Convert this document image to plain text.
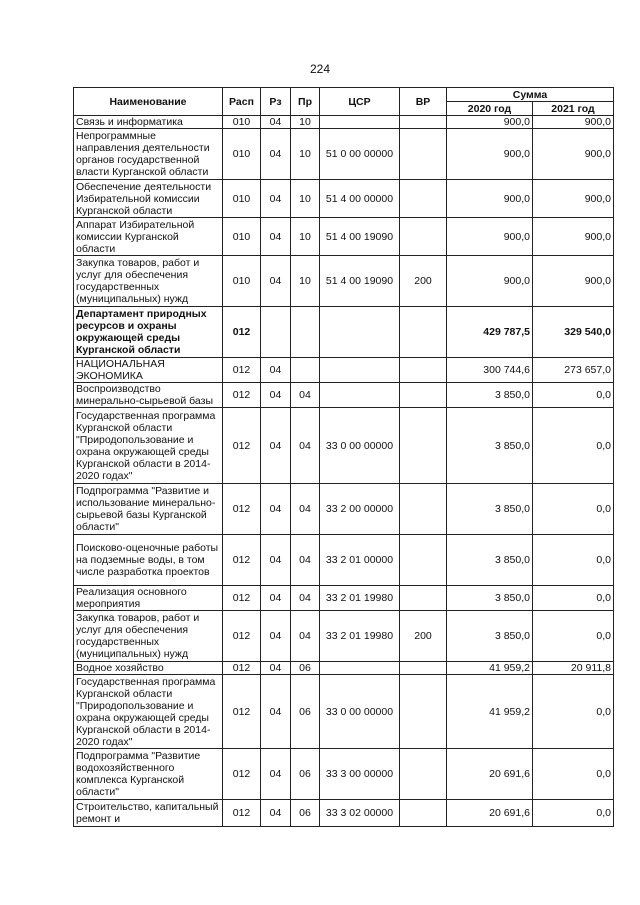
224
Наименование	Расп	Рз	Пр	ЦСР	ВР	Сумма	
						2020 год	2021 год
Связь и информатика	010	04	10			900,0	900,0
Непрограммные направления деятельности органов государственной власти Курганской области	010	04	10	51 0 00 00000		900,0	900,0
Обеспечение деятельности Избирательной комиссии Курганской области	010	04	10	51 4 00 00000		900,0	900,0
Аппарат Избирательной комиссии Курганской области	010	04	10	51 4 00 19090		900,0	900,0
Закупка товаров, работ и услуг для обеспечения государственных (муниципальных) нужд	010	04	10	51 4 00 19090	200	900,0	900,0
Департамент природных ресурсов и охраны окружающей среды Курганской области	012					429 787,5	329 540,0
НАЦИОНАЛЬНАЯ ЭКОНОМИКА	012	04				300 744,6	273 657,0
Воспроизводство минерально-сырьевой базы	012	04	04			3 850,0	0,0
Государственная программа Курганской области "Природопользование и охрана окружающей среды Курганской области в 2014-2020 годах"	012	04	04	33 0 00 00000		3 850,0	0,0
Подпрограмма "Развитие и использование минерально-сырьевой базы Курганской области"	012	04	04	33 2 00 00000		3 850,0	0,0
Поисково-оценочные работы на подземные воды, в том числе разработка проектов	012	04	04	33 2 01 00000		3 850,0	0,0
Реализация основного мероприятия	012	04	04	33 2 01 19980		3 850,0	0,0
Закупка товаров, работ и услуг для обеспечения государственных (муниципальных) нужд	012	04	04	33 2 01 19980	200	3 850,0	0,0
Водное хозяйство	012	04	06			41 959,2	20 911,8
Государственная программа Курганской области "Природопользование и охрана окружающей среды Курганской области в 2014-2020 годах"	012	04	06	33 0 00 00000		41 959,2	0,0
Подпрограмма "Развитие водохозяйственного комплекса Курганской области"	012	04	06	33 3 00 00000		20 691,6	0,0
Строительство, капитальный ремонт и	012	04	06	33 3 02 00000		20 691,6	0,0
